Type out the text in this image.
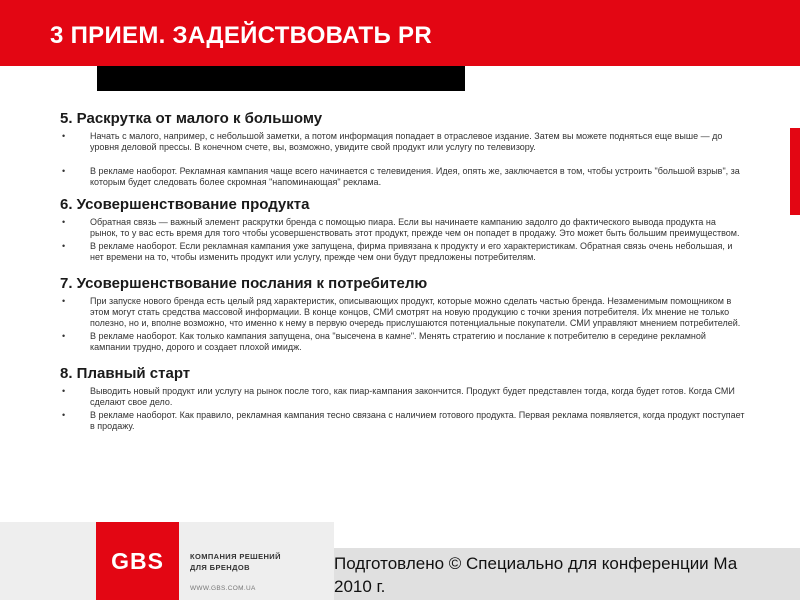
3 ПРИЕМ. ЗАДЕЙСТВОВАТЬ PR
5. Раскрутка от малого к большому
•	Начать с малого, например, с небольшой заметки, а потом информация попадает в отраслевое издание. Затем вы можете подняться еще выше — до уровня деловой прессы. В конечном счете, вы, возможно, увидите свой продукт или услугу по телевизору.
•	В рекламе наоборот. Рекламная кампания чаще всего начинается с телевидения. Идея, опять же, заключается в том, чтобы устроить "большой взрыв", за которым будет следовать более скромная "напоминающая" реклама.
6. Усовершенствование продукта
•	Обратная связь — важный элемент раскрутки бренда с помощью пиара. Если вы начинаете кампанию задолго до фактического вывода продукта на рынок, то у вас есть время для того чтобы усовершенствовать этот продукт, прежде чем он попадет в продажу. Это может быть большим преимуществом.
•	В рекламе наоборот. Если рекламная кампания уже запущена, фирма привязана к продукту и его характеристикам. Обратная связь очень небольшая, и нет времени на то, чтобы изменить продукт или услугу, прежде чем они будут предложены потребителям.
7. Усовершенствование послания к потребителю
•	При запуске нового бренда есть целый ряд характеристик, описывающих продукт, которые можно сделать частью бренда. Незаменимым помощником в этом могут стать средства массовой информации. В конце концов, СМИ смотрят на новую продукцию с точки зрения потребителя. Их мнение не только полезно, но и, вполне возможно, что именно к нему в первую очередь прислушаются потенциальные покупатели. СМИ управляют мнением потребителей.
•	В рекламе наоборот. Как только кампания запущена, она "высечена в камне". Менять стратегию и послание к потребителю в середине рекламной кампании трудно, дорого и создает плохой имидж.
8. Плавный старт
•	Выводить новый продукт или услугу на рынок после того, как пиар-кампания закончится. Продукт будет представлен тогда, когда будет готов. Когда СМИ сделают свое дело.
•	В рекламе наоборот. Как правило, рекламная кампания тесно связана с наличием готового продукта. Первая реклама появляется, когда продукт поступает в продажу.
GBS	КОМПАНИЯ РЕШЕНИЙ
ДЛЯ БРЕНДОВ
WWW.GBS.COM.UA
Подготовлено © Специально для конференции Ма
2010 г.
